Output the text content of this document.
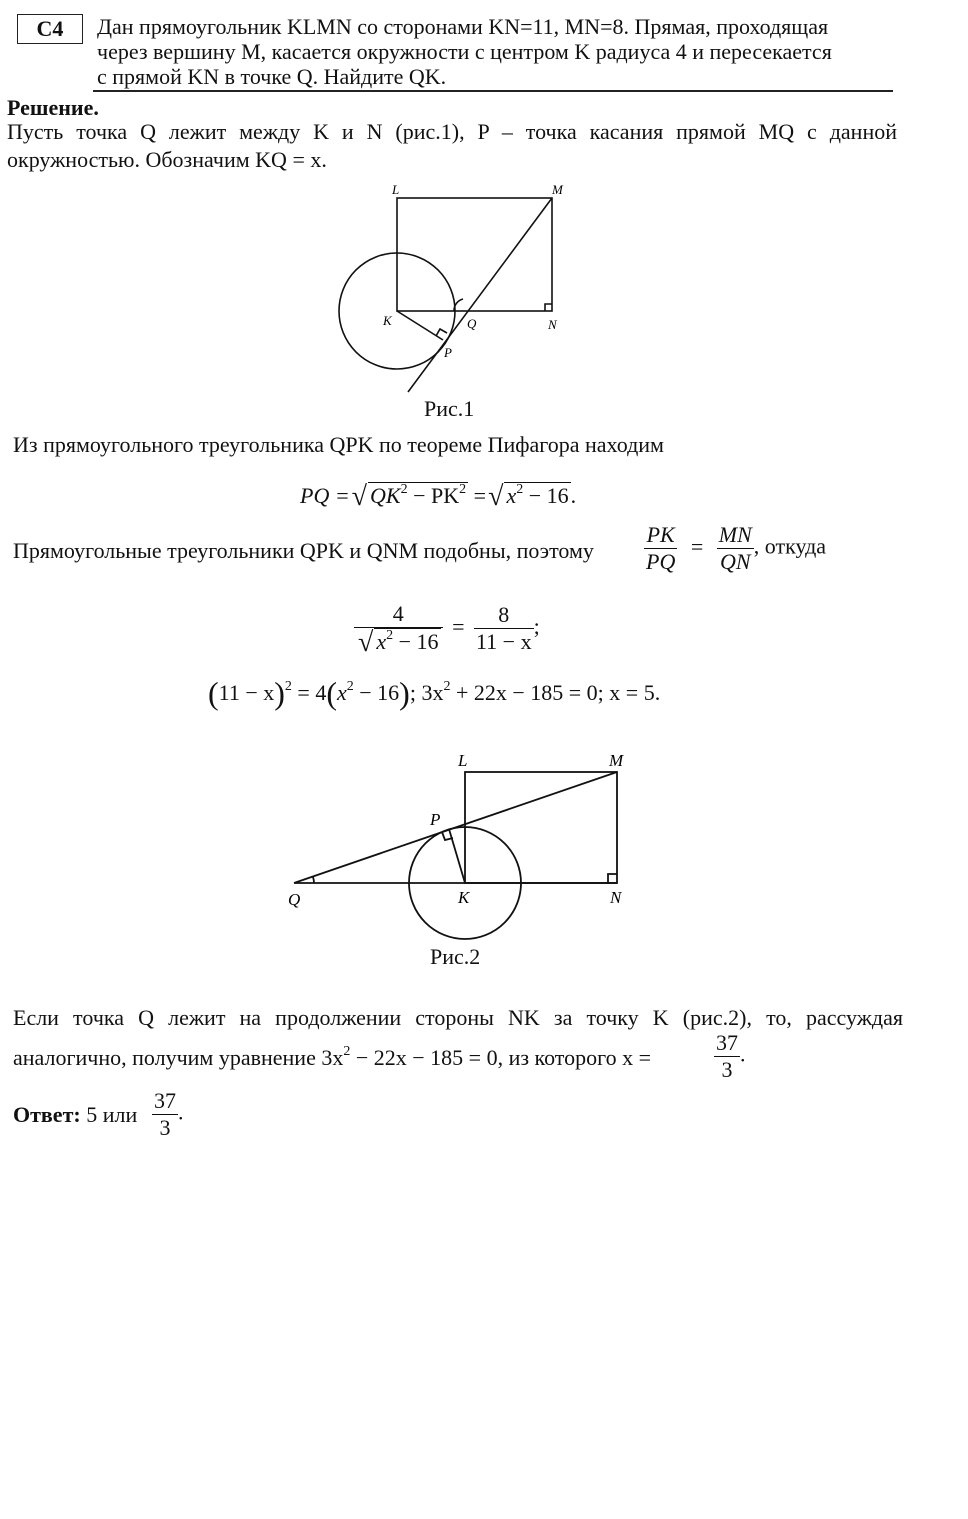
C4	Дан прямоугольник KLMN со сторонами KN=11, MN=8. Прямая, проходящая
через вершину M, касается окружности с центром K радиуса 4 и пересекается
с прямой KN в точке Q. Найдите QK.
Решение.
Пусть точка Q лежит между K и N (рис.1), P – точка касания прямой MQ с данной
окружностью. Обозначим KQ = x.
L	M
K	N
Q
P
Рис.1
Из прямоугольного треугольника QPK по теореме Пифагора находим
PQ =√ $QK^2 - PK^2$ =√ $x^2 - 16$.
Прямоугольные треугольники QPK и QNM подобны, поэтому $\frac{PK}{PQ} = \frac{MN}{QN}$ , откуда
$\frac{4}{√ x^2 - 16} = \frac{8}{11 - x}$ ;
$(11 - x)^2 = 4(x^2 - 16)$; $3x^2 + 22x - 185 = 0$; x = 5.
L	M
K	N
Q
P
Рис.2
Если точка Q лежит на продолжении стороны NK за точку K (рис.2), то, рассуждая
аналогично, получим уравнение $3x^2 - 22x - 185 = 0$, из которого x =	$\frac{37}{3}$ .
Ответ: 5 или $\frac{37}{3}$ .
